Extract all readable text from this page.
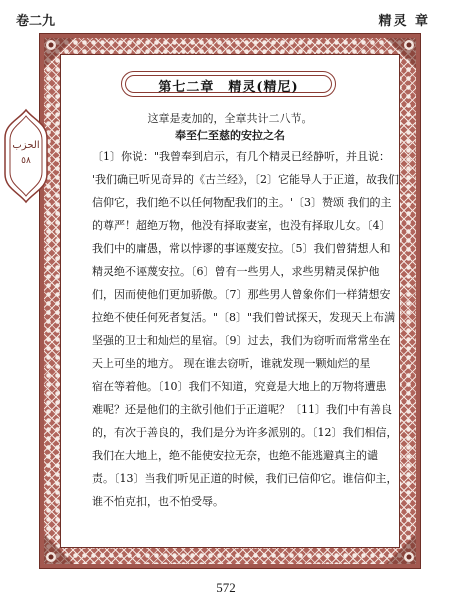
卷二九	精灵 章
الحزب
٥٨
第七二章　精灵(精尼)
这章是麦加的，全章共计二八节。
奉至仁至慈的安拉之名
〔1〕你说："我曾奉到启示，有几个精灵已经静听，并且说：
'我们确已听见奇异的《古兰经》，〔2〕它能导人于正道，故我们
信仰它，我们绝不以任何物配我们的主。'〔3〕赞颂 我们的主
的尊严！超绝万物，他没有择取妻室，也没有择取儿女。〔4〕
我们中的庸愚，常以悖谬的事诬蔑安拉。〔5〕我们曾猜想人和
精灵绝不诬蔑安拉。〔6〕曾有一些男人，求些男精灵保护他
们，因而使他们更加骄傲。〔7〕那些男人曾象你们一样猜想安
拉绝不使任何死者复活。"〔8〕"我们曾试探天，发现天上布满
坚强的卫士和灿烂的星宿。〔9〕过去，我们为窃听而常常坐在
天上可坐的地方。 现在谁去窃听，谁就发现一颗灿烂的星
宿在等着他。〔10〕我们不知道，究竟是大地上的万物将遭患
难呢？还是他们的主欲引他们于正道呢？〔11〕我们中有善良
的，有次于善良的，我们是分为许多派别的。〔12〕我们相信，
我们在大地上，绝不能使安拉无奈，也绝不能逃避真主的谴
责。〔13〕当我们听见正道的时候，我们已信仰它。谁信仰主，
谁不怕克扣，也不怕受辱。
572
